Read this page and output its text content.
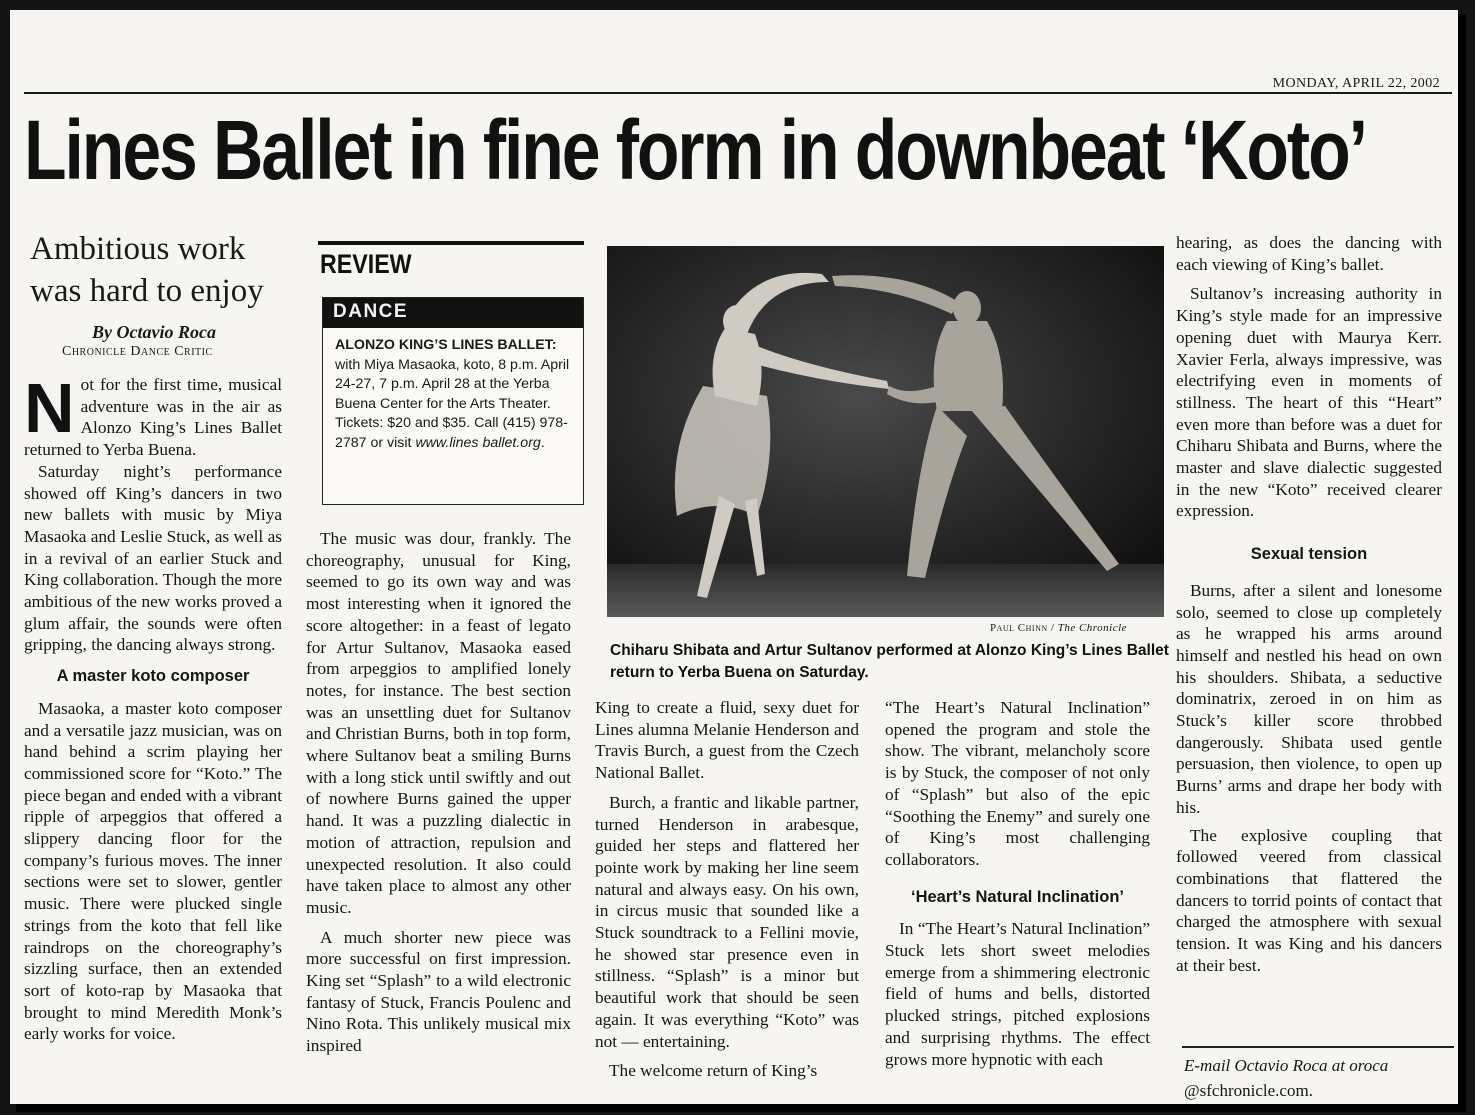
MONDAY, APRIL 22, 2002
Lines Ballet in fine form in downbeat ‘Koto’
Ambitious work
was hard to enjoy
By Octavio Roca
Chronicle Dance Critic
N ot for the first time, musical adventure was in the air as Alonzo King’s Lines Ballet returned to Yerba Buena.

Saturday night’s performance showed off King’s dancers in two new ballets with music by Miya Masaoka and Leslie Stuck, as well as in a revival of an earlier Stuck and King collaboration. Though the more ambitious of the new works proved a glum affair, the sounds were often gripping, the dancing always strong.

A master koto composer

Masaoka, a master koto composer and a versatile jazz musician, was on hand behind a scrim playing her commissioned score for “Koto.” The piece began and ended with a vibrant ripple of arpeggios that offered a slippery dancing floor for the company’s furious moves. The inner sections were set to slower, gentler music. There were plucked single strings from the koto that fell like raindrops on the choreography’s sizzling surface, then an extended sort of koto-rap by Masaoka that brought to mind Meredith Monk’s early works for voice.

REVIEW
DANCE
ALONZO KING’S LINES BALLET: with Miya Masaoka, koto, 8 p.m. April 24-27, 7 p.m. April 28 at the Yerba Buena Center for the Arts Theater. Tickets: $20 and $35. Call (415) 978-2787 or visit www.lines ballet.org.

The music was dour, frankly. The choreography, unusual for King, seemed to go its own way and was most interesting when it ignored the score altogether: in a feast of legato for Artur Sultanov, Masaoka eased from arpeggios to amplified lonely notes, for instance. The best section was an unsettling duet for Sultanov and Christian Burns, both in top form, where Sultanov beat a smiling Burns with a long stick until swiftly and out of nowhere Burns gained the upper hand. It was a puzzling dialectic in motion of attraction, repulsion and unexpected resolution. It also could have taken place to almost any other music.

A much shorter new piece was more successful on first impression. King set “Splash” to a wild electronic fantasy of Stuck, Francis Poulenc and Nino Rota. This unlikely musical mix inspired

Paul Chinn / The Chronicle
Chiharu Shibata and Artur Sultanov performed at Alonzo King’s Lines Ballet return to Yerba Buena on Saturday.

King to create a fluid, sexy duet for Lines alumna Melanie Henderson and Travis Burch, a guest from the Czech National Ballet.

Burch, a frantic and likable partner, turned Henderson in arabesque, guided her steps and flattered her pointe work by making her line seem natural and always easy. On his own, in circus music that sounded like a Stuck soundtrack to a Fellini movie, he showed star presence even in stillness. “Splash” is a minor but beautiful work that should be seen again. It was everything “Koto” was not — entertaining.

The welcome return of King’s

“The Heart’s Natural Inclination” opened the program and stole the show. The vibrant, melancholy score is by Stuck, the composer of not only of “Splash” but also of the epic “Soothing the Enemy” and surely one of King’s most challenging collaborators.

‘Heart’s Natural Inclination’

In “The Heart’s Natural Inclination” Stuck lets short sweet melodies emerge from a shimmering electronic field of hums and bells, distorted plucked strings, pitched explosions and surprising rhythms. The effect grows more hypnotic with each

hearing, as does the dancing with each viewing of King’s ballet.

Sultanov’s increasing authority in King’s style made for an impressive opening duet with Maurya Kerr. Xavier Ferla, always impressive, was electrifying even in moments of stillness. The heart of this “Heart” even more than before was a duet for Chiharu Shibata and Burns, where the master and slave dialectic suggested in the new “Koto” received clearer expression.

Sexual tension

Burns, after a silent and lonesome solo, seemed to close up completely as he wrapped his arms around himself and nestled his head on own his shoulders. Shibata, a seductive dominatrix, zeroed in on him as Stuck’s killer score throbbed dangerously. Shibata used gentle persuasion, then violence, to open up Burns’ arms and drape her body with his.

The explosive coupling that followed veered from classical combinations that flattered the dancers to torrid points of contact that charged the atmosphere with sexual tension. It was King and his dancers at their best.

E-mail Octavio Roca at oroca
@sfchronicle.com.
